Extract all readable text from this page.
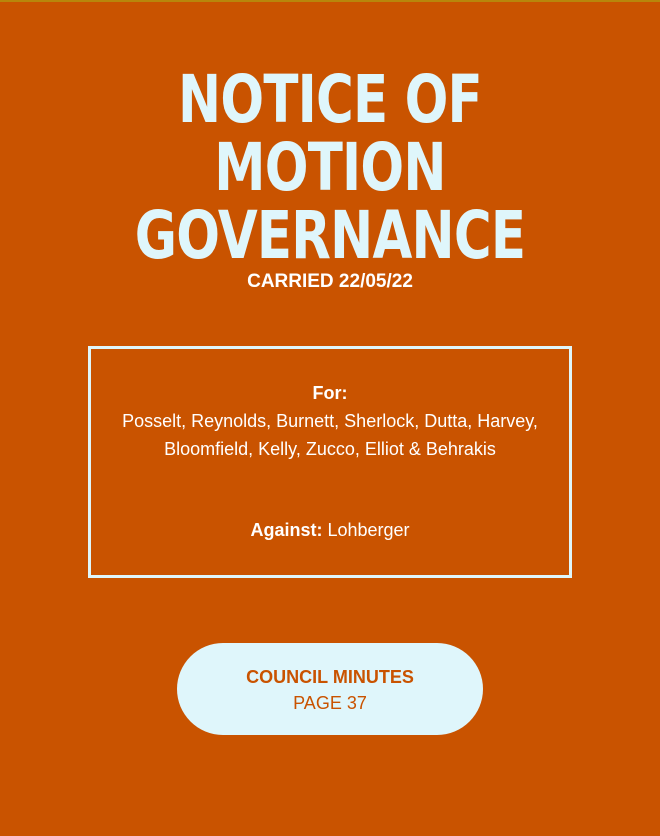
NOTICE OF MOTION
GOVERNANCE
CARRIED 22/05/22
For:
Posselt, Reynolds, Burnett, Sherlock, Dutta, Harvey, Bloomfield, Kelly, Zucco, Elliot & Behrakis
Against: Lohberger
COUNCIL MINUTES
PAGE 37
